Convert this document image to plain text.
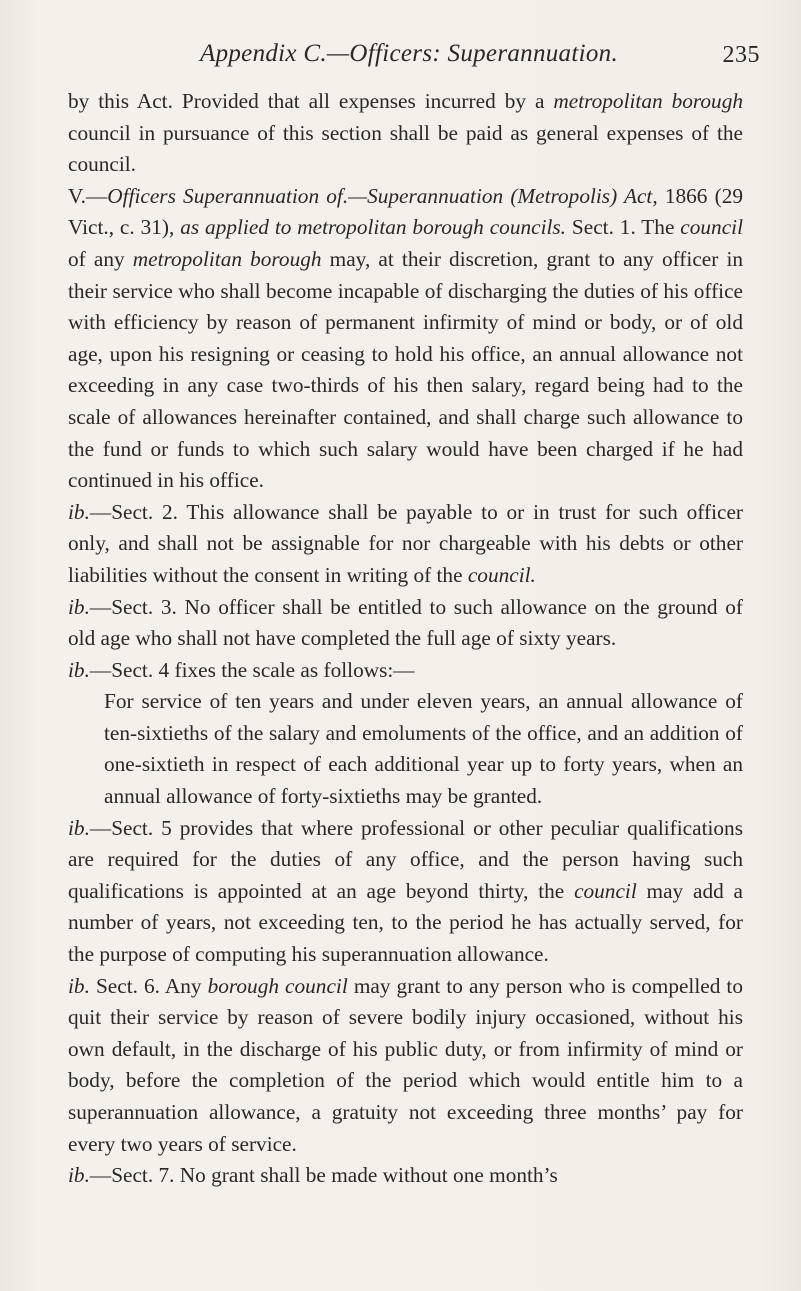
Appendix C.—Officers: Superannuation.	235

by this Act. Provided that all expenses incurred by a metropolitan borough council in pursuance of this section shall be paid as general expenses of the council.

V.—Officers Superannuation of.—Superannuation (Metropolis) Act, 1866 (29 Vict., c. 31), as applied to metropolitan borough councils. Sect. 1. The council of any metropolitan borough may, at their discretion, grant to any officer in their service who shall become incapable of discharging the duties of his office with efficiency by reason of permanent infirmity of mind or body, or of old age, upon his resigning or ceasing to hold his office, an annual allowance not exceeding in any case two-thirds of his then salary, regard being had to the scale of allowances hereinafter contained, and shall charge such allowance to the fund or funds to which such salary would have been charged if he had continued in his office.

ib.—Sect. 2. This allowance shall be payable to or in trust for such officer only, and shall not be assignable for nor chargeable with his debts or other liabilities without the consent in writing of the council.

ib.—Sect. 3. No officer shall be entitled to such allowance on the ground of old age who shall not have completed the full age of sixty years.

ib.—Sect. 4 fixes the scale as follows:—

For service of ten years and under eleven years, an annual allowance of ten-sixtieths of the salary and emoluments of the office, and an addition of one-sixtieth in respect of each additional year up to forty years, when an annual allowance of forty-sixtieths may be granted.

ib.—Sect. 5 provides that where professional or other peculiar qualifications are required for the duties of any office, and the person having such qualifications is appointed at an age beyond thirty, the council may add a number of years, not exceeding ten, to the period he has actually served, for the purpose of computing his superannuation allowance.

ib. Sect. 6. Any borough council may grant to any person who is compelled to quit their service by reason of severe bodily injury occasioned, without his own default, in the discharge of his public duty, or from infirmity of mind or body, before the completion of the period which would entitle him to a superannuation allowance, a gratuity not exceeding three months’ pay for every two years of service.

ib.—Sect. 7. No grant shall be made without one month’s
